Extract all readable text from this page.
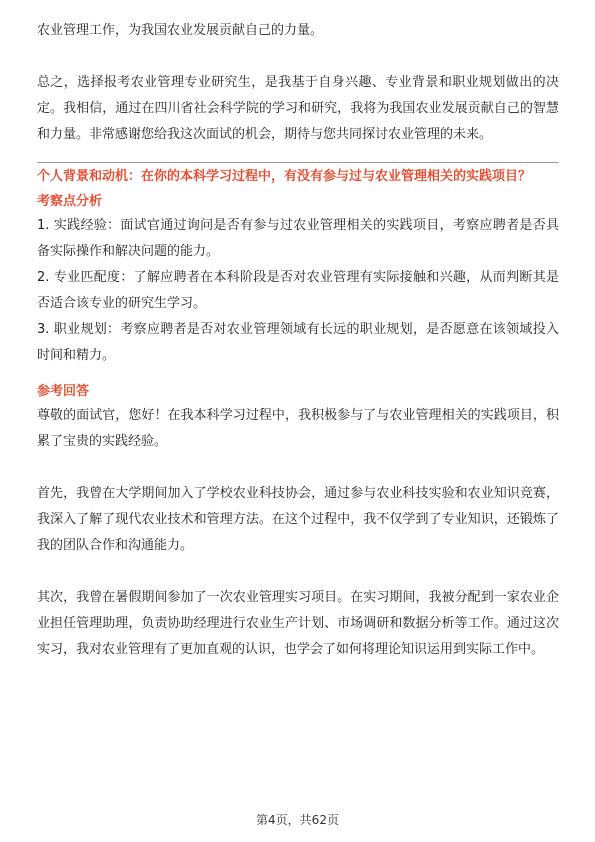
农业管理工作，为我国农业发展贡献自己的力量。

总之，选择报考农业管理专业研究生，是我基于自身兴趣、专业背景和职业规划做出的决定。我相信，通过在四川省社会科学院的学习和研究，我将为我国农业发展贡献自己的智慧和力量。非常感谢您给我这次面试的机会，期待与您共同探讨农业管理的未来。

个人背景和动机：在你的本科学习过程中，有没有参与过与农业管理相关的实践项目？

考察点分析

1. 实践经验：面试官通过询问是否有参与过农业管理相关的实践项目，考察应聘者是否具备实际操作和解决问题的能力。

2. 专业匹配度：了解应聘者在本科阶段是否对农业管理有实际接触和兴趣，从而判断其是否适合该专业的研究生学习。

3. 职业规划：考察应聘者是否对农业管理领域有长远的职业规划，是否愿意在该领域投入时间和精力。

参考回答

尊敬的面试官，您好！在我本科学习过程中，我积极参与了与农业管理相关的实践项目，积累了宝贵的实践经验。

首先，我曾在大学期间加入了学校农业科技协会，通过参与农业科技实验和农业知识竞赛，我深入了解了现代农业技术和管理方法。在这个过程中，我不仅学到了专业知识，还锻炼了我的团队合作和沟通能力。

其次，我曾在暑假期间参加了一次农业管理实习项目。在实习期间，我被分配到一家农业企业担任管理助理，负责协助经理进行农业生产计划、市场调研和数据分析等工作。通过这次实习，我对农业管理有了更加直观的认识，也学会了如何将理论知识运用到实际工作中。

第4页，共62页
